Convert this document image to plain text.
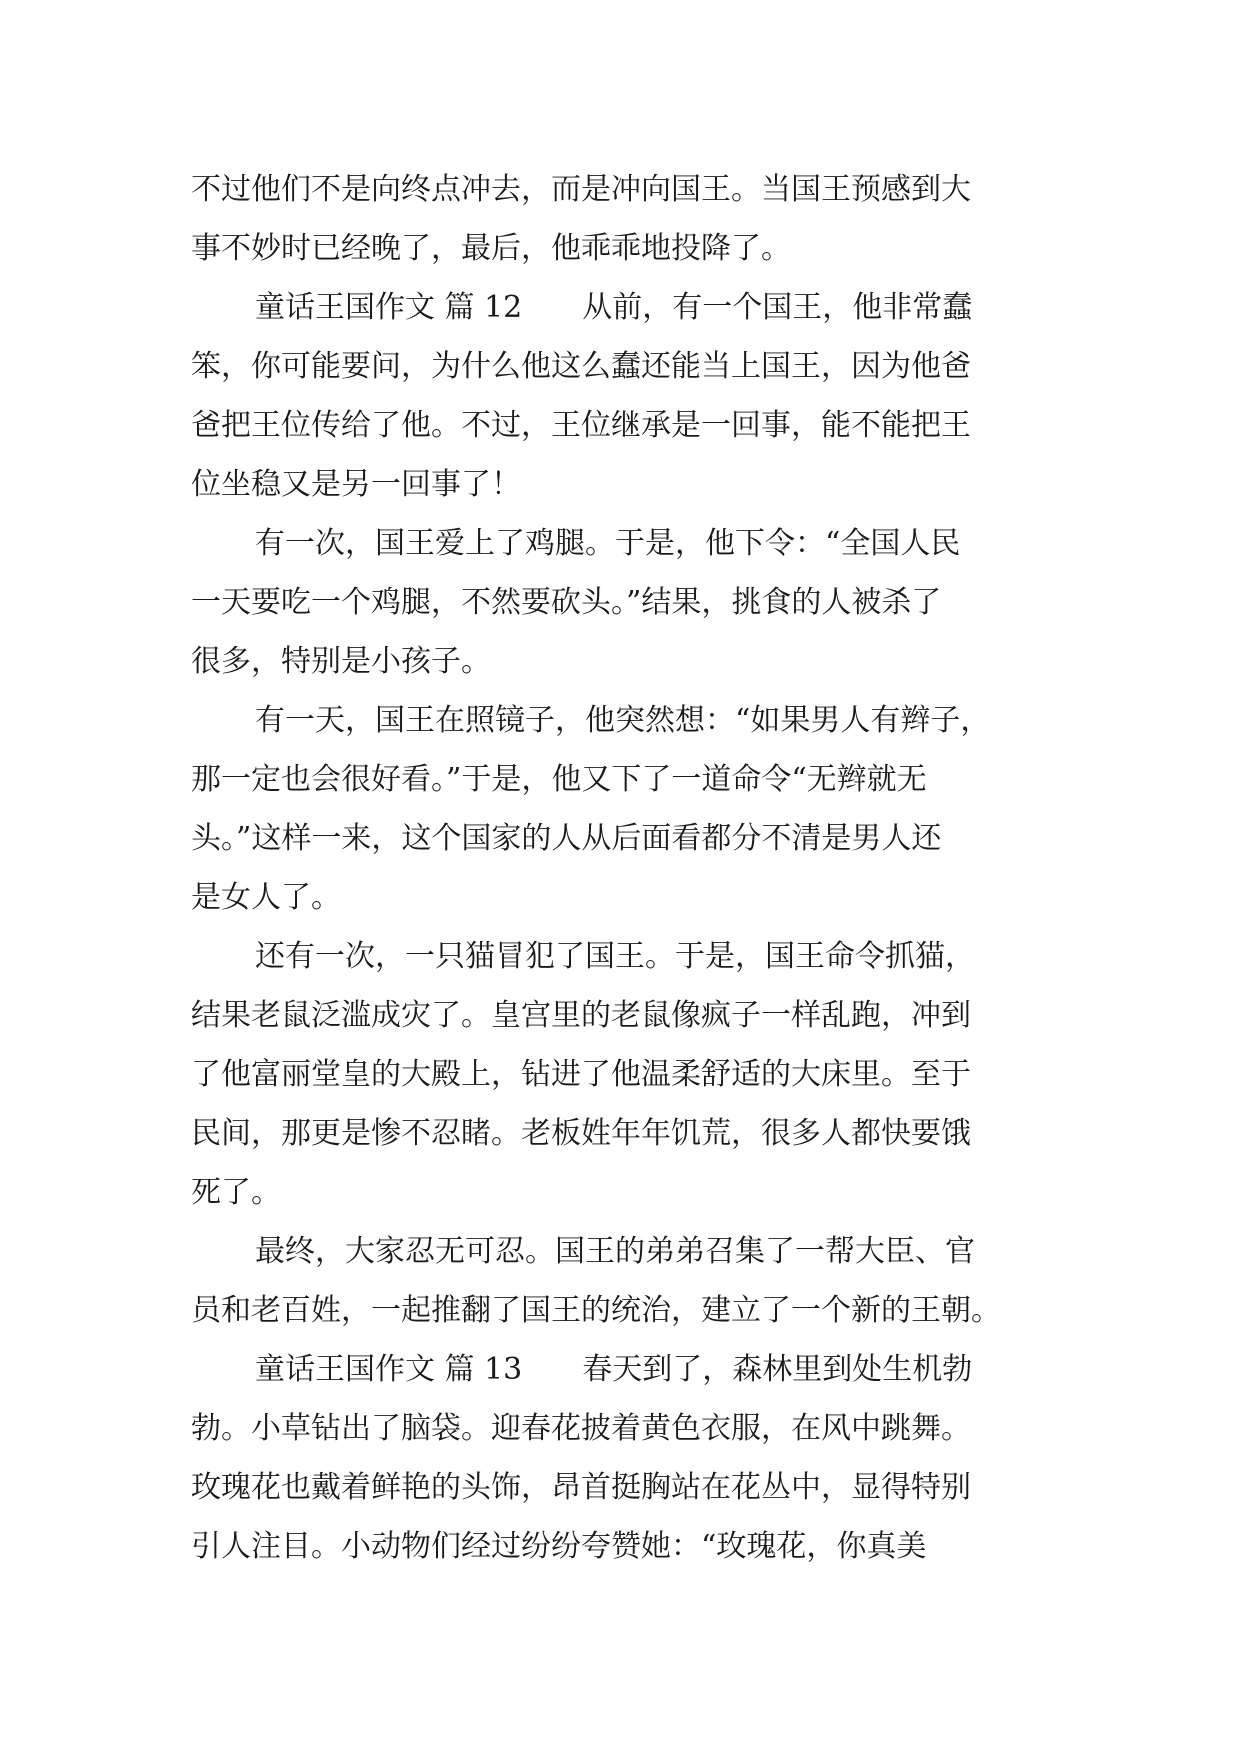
不过他们不是向终点冲去，而是冲向国王。当国王预感到大

事不妙时已经晚了，最后，他乖乖地投降了。

童话王国作文 篇 12 从前，有一个国王，他非常蠢

笨，你可能要问，为什么他这么蠢还能当上国王，因为他爸

爸把王位传给了他。不过，王位继承是一回事，能不能把王

位坐稳又是另一回事了！

有一次，国王爱上了鸡腿。于是，他下令：“全国人民

一天要吃一个鸡腿，不然要砍头。”结果，挑食的人被杀了

很多，特别是小孩子。

有一天，国王在照镜子，他突然想：“如果男人有辫子，

那一定也会很好看。”于是，他又下了一道命令“无辫就无

头。”这样一来，这个国家的人从后面看都分不清是男人还

是女人了。

还有一次，一只猫冒犯了国王。于是，国王命令抓猫，

结果老鼠泛滥成灾了。皇宫里的老鼠像疯子一样乱跑，冲到

了他富丽堂皇的大殿上，钻进了他温柔舒适的大床里。至于

民间，那更是惨不忍睹。老板姓年年饥荒，很多人都快要饿

死了。

最终，大家忍无可忍。国王的弟弟召集了一帮大臣、官

员和老百姓，一起推翻了国王的统治，建立了一个新的王朝。

童话王国作文 篇 13 春天到了，森林里到处生机勃

勃。小草钻出了脑袋。迎春花披着黄色衣服，在风中跳舞。

玫瑰花也戴着鲜艳的头饰，昂首挺胸站在花丛中，显得特别

引人注目。小动物们经过纷纷夸赞她：“玫瑰花，你真美
